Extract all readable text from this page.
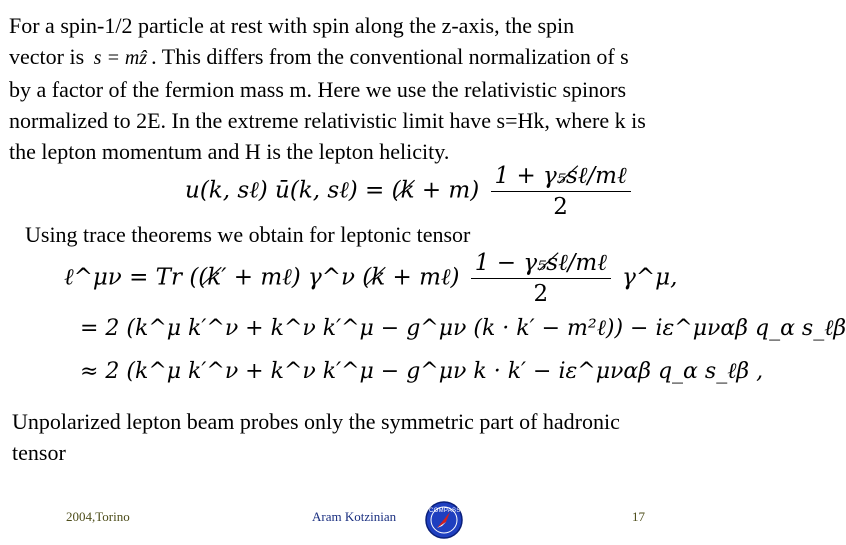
For a spin-1/2 particle at rest with spin along the z-axis, the spin
vector is s = mẑ . This differs from the conventional normalization of s
by a factor of the fermion mass m. Here we use the relativistic spinors
normalized to 2E. In the extreme relativistic limit have s=Hk, where k is
the lepton momentum and H is the lepton helicity.
u(k, sℓ) ū(k, sℓ) = (k̸ + $m) \frac{\text{1 + γ₅s̸ℓ/mℓ}}{2}$
Using trace theorems we obtain for leptonic tensor
ℓ^μν = Tr ((k̸′ + mℓ) γ^ν (k̸ + mℓ) $\frac{\text{1 − γ₅s̸ℓ/mℓ}}{2}$ γ^μ,
= 2 (k^μ k′^ν + k^ν k′^μ − g^μν (k · k′ − m²ℓ)) − iε^μναβ q_α s_ℓβ
≈ 2 (k^μ k′^ν + k^ν k′^μ − g^μν k · k′ − iε^μναβ q_α s_ℓβ ,
Unpolarized lepton beam probes only the symmetric part of hadronic
tensor
2004,Torino	Aram Kotzinian	COMPASS	17
